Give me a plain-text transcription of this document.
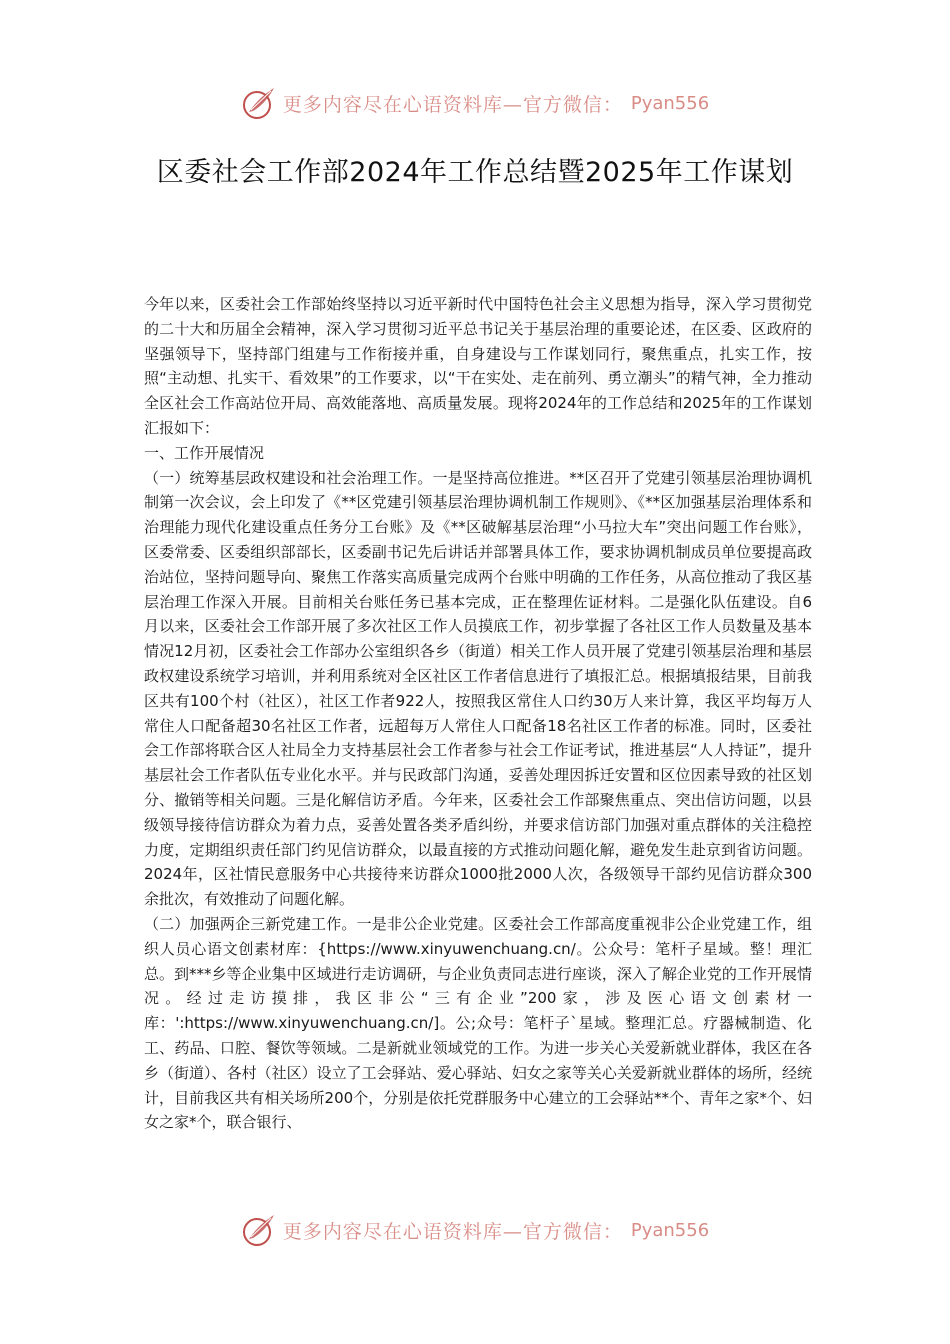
更多内容尽在心语资料库—官方微信： Pyan556
区委社会工作部2024年工作总结暨2025年工作谋划

今年以来，区委社会工作部始终坚持以习近平新时代中国特色社会主义思想为指导，深入学习贯彻党的二十大和历届全会精神，深入学习贯彻习近平总书记关于基层治理的重要论述，在区委、区政府的坚强领导下，坚持部门组建与工作衔接并重，自身建设与工作谋划同行，聚焦重点，扎实工作，按照“主动想、扎实干、看效果”的工作要求，以“干在实处、走在前列、勇立潮头”的精气神，全力推动全区社会工作高站位开局、高效能落地、高质量发展。现将2024年的工作总结和2025年的工作谋划汇报如下：

一、工作开展情况

（一）统筹基层政权建设和社会治理工作。一是坚持高位推进。**区召开了党建引领基层治理协调机制第一次会议，会上印发了《**区党建引领基层治理协调机制工作规则》、《**区加强基层治理体系和治理能力现代化建设重点任务分工台账》及《**区破解基层治理“小马拉大车”突出问题工作台账》，区委常委、区委组织部部长，区委副书记先后讲话并部署具体工作，要求协调机制成员单位要提高政治站位，坚持问题导向、聚焦工作落实高质量完成两个台账中明确的工作任务，从高位推动了我区基层治理工作深入开展。目前相关台账任务已基本完成，正在整理佐证材料。二是强化队伍建设。自6月以来，区委社会工作部开展了多次社区工作人员摸底工作，初步掌握了各社区工作人员数量及基本情况12月初，区委社会工作部办公室组织各乡（街道）相关工作人员开展了党建引领基层治理和基层政权建设系统学习培训，并利用系统对全区社区工作者信息进行了填报汇总。根据填报结果，目前我区共有100个村（社区），社区工作者922人，按照我区常住人口约30万人来计算，我区平均每万人常住人口配备超30名社区工作者，远超每万人常住人口配备18名社区工作者的标准。同时，区委社会工作部将联合区人社局全力支持基层社会工作者参与社会工作证考试，推进基层“人人持证”，提升基层社会工作者队伍专业化水平。并与民政部门沟通，妥善处理因拆迁安置和区位因素导致的社区划分、撤销等相关问题。三是化解信访矛盾。今年来，区委社会工作部聚焦重点、突出信访问题，以县级领导接待信访群众为着力点，妥善处置各类矛盾纠纷，并要求信访部门加强对重点群体的关注稳控力度，定期组织责任部门约见信访群众，以最直接的方式推动问题化解，避免发生赴京到省访问题。2024年，区社情民意服务中心共接待来访群众1000批2000人次，各级领导干部约见信访群众300余批次，有效推动了问题化解。

（二）加强两企三新党建工作。一是非公企业党建。区委社会工作部高度重视非公企业党建工作，组织人员心语文创素材库：{https://www.xinyuwenchuang.cn/。公众号：笔杆子星域。整！理汇总。到***乡等企业集中区域进行走访调研，与企业负责同志进行座谈，深入了解企业党的工作开展情况。经过走访摸排，我区非公“三有企业”200家，涉及医心语文创素材一库：':https://www.xinyuwenchuang.cn/]。公;众号：笔杆子`星域。整理汇总。疗器械制造、化工、药品、口腔、餐饮等领域。二是新就业领域党的工作。为进一步关心关爱新就业群体，我区在各乡（街道）、各村（社区）设立了工会驿站、爱心驿站、妇女之家等关心关爱新就业群体的场所，经统计，目前我区共有相关场所200个，分别是依托党群服务中心建立的工会驿站**个、青年之家*个、妇女之家*个，联合银行、

更多内容尽在心语资料库—官方微信： Pyan556
